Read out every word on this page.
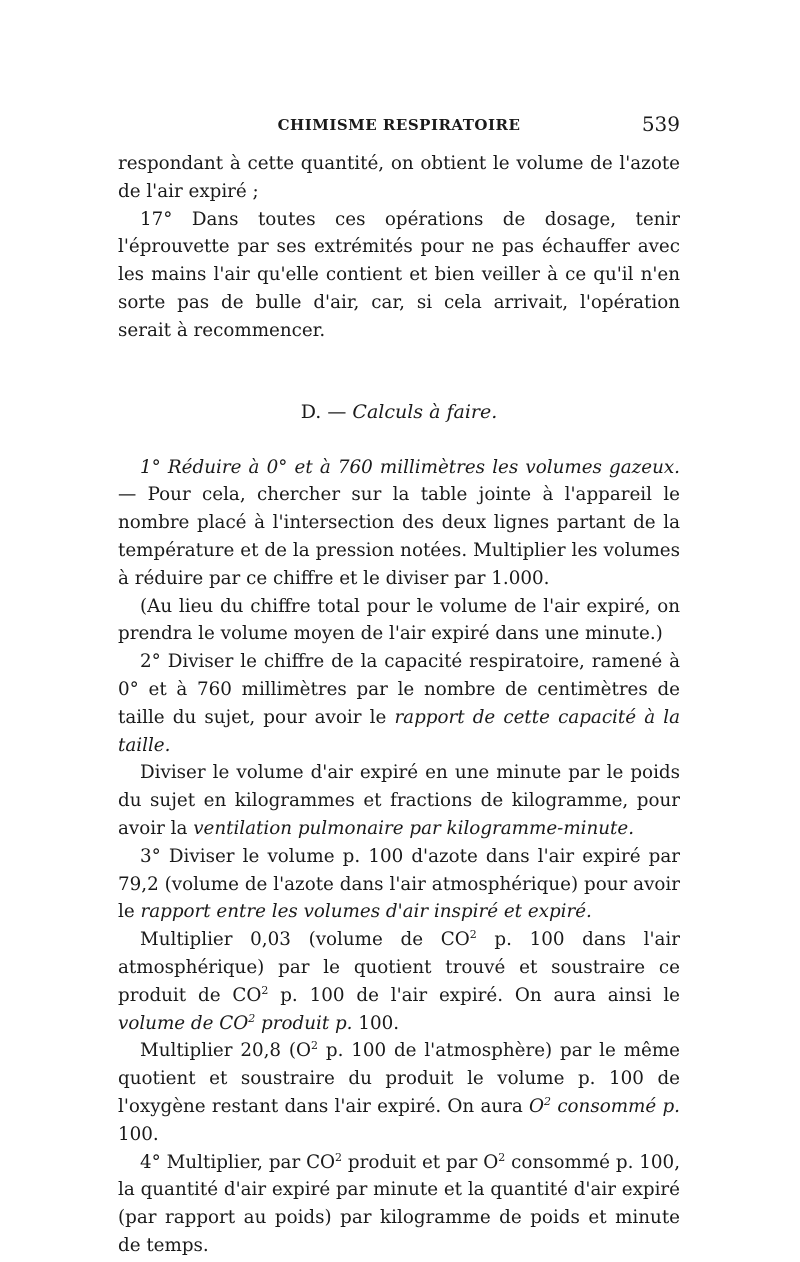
CHIMISME RESPIRATOIRE	539

respondant à cette quantité, on obtient le volume de l'azote de l'air expiré ;

17° Dans toutes ces opérations de dosage, tenir l'éprouvette par ses extrémités pour ne pas échauffer avec les mains l'air qu'elle contient et bien veiller à ce qu'il n'en sorte pas de bulle d'air, car, si cela arrivait, l'opération serait à recommencer.

D. — Calculs à faire.

1° Réduire à 0° et à 760 millimètres les volumes gazeux. — Pour cela, chercher sur la table jointe à l'appareil le nombre placé à l'intersection des deux lignes partant de la température et de la pression notées. Multiplier les volumes à réduire par ce chiffre et le diviser par 1.000.

(Au lieu du chiffre total pour le volume de l'air expiré, on prendra le volume moyen de l'air expiré dans une minute.)

2° Diviser le chiffre de la capacité respiratoire, ramené à 0° et à 760 millimètres par le nombre de centimètres de taille du sujet, pour avoir le rapport de cette capacité à la taille.

Diviser le volume d'air expiré en une minute par le poids du sujet en kilogrammes et fractions de kilogramme, pour avoir la ventilation pulmonaire par kilogramme-minute.

3° Diviser le volume p. 100 d'azote dans l'air expiré par 79,2 (volume de l'azote dans l'air atmosphérique) pour avoir le rapport entre les volumes d'air inspiré et expiré.

Multiplier 0,03 (volume de $CO^2$ p. 100 dans l'air atmosphérique) par le quotient trouvé et soustraire ce produit de $CO^2$ p. 100 de l'air expiré. On aura ainsi le volume de $CO^2$ produit p. 100.

Multiplier 20,8 ($O^2$ p. 100 de l'atmosphère) par le même quotient et soustraire du produit le volume p. 100 de l'oxygène restant dans l'air expiré. On aura $O^2$ consommé p. 100.

4° Multiplier, par $CO^2$ produit et par $O^2$ consommé p. 100, la quantité d'air expiré par minute et la quantité d'air expiré (par rapport au poids) par kilogramme de poids et minute de temps.
